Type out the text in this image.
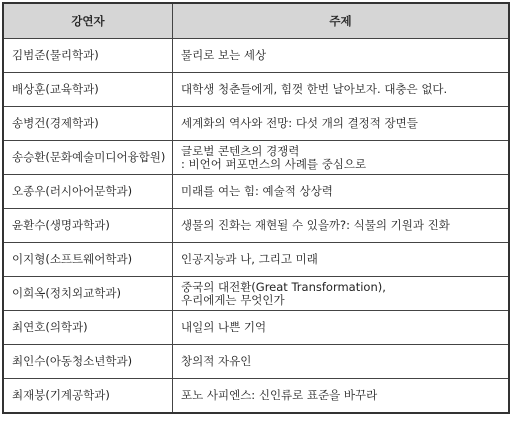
강연자	주제
김범준(물리학과)	물리로 보는 세상
배상훈(교육학과)	대학생 청춘들에게, 힘껏 한번 날아보자. 대충은 없다.
송병건(경제학과)	세계화의 역사와 전망: 다섯 개의 결정적 장면들
송승환(문화예술미디어융합원)	글로벌 콘텐츠의 경쟁력
: 비언어 퍼포먼스의 사례를 중심으로

오종우(러시아어문학과)	미래를 여는 힘: 예술적 상상력
윤환수(생명과학과)	생물의 진화는 재현될 수 있을까?: 식물의 기원과 진화
이지형(소프트웨어학과)	인공지능과 나, 그리고 미래
이희옥(정치외교학과)	중국의 대전환(Great Transformation),
우리에게는 무엇인가

최연호(의학과)	내일의 나쁜 기억
최인수(아동청소년학과)	창의적 자유인
최재붕(기계공학과)	포노 사피엔스: 신인류로 표준을 바꾸라
